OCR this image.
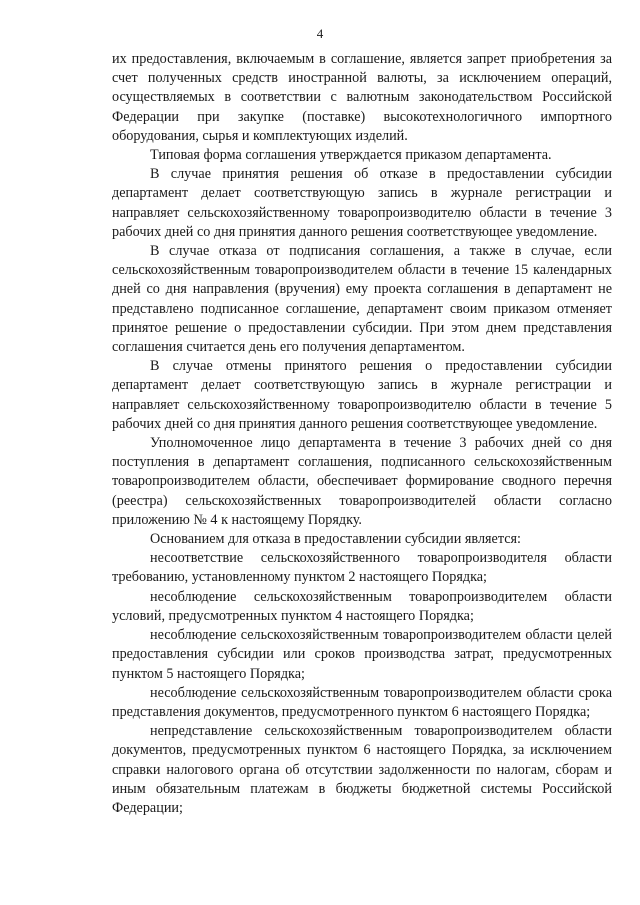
4

их предоставления, включаемым в соглашение, является запрет приобретения за счет полученных средств иностранной валюты, за исключением операций, осуществляемых в соответствии с валютным законодательством Российской Федерации при закупке (поставке) высокотехнологичного импортного оборудования, сырья и комплектующих изделий.

Типовая форма соглашения утверждается приказом департамента.

В случае принятия решения об отказе в предоставлении субсидии департамент делает соответствующую запись в журнале регистрации и направляет сельскохозяйственному товаропроизводителю области в течение 3 рабочих дней со дня принятия данного решения соответствующее уведомление.

В случае отказа от подписания соглашения, а также в случае, если сельскохозяйственным товаропроизводителем области в течение 15 календарных дней со дня направления (вручения) ему проекта соглашения в департамент не представлено подписанное соглашение, департамент своим приказом отменяет принятое решение о предоставлении субсидии. При этом днем представления соглашения считается день его получения департаментом.

В случае отмены принятого решения о предоставлении субсидии департамент делает соответствующую запись в журнале регистрации и направляет сельскохозяйственному товаропроизводителю области в течение 5 рабочих дней со дня принятия данного решения соответствующее уведомление.

Уполномоченное лицо департамента в течение 3 рабочих дней со дня поступления в департамент соглашения, подписанного сельскохозяйственным товаропроизводителем области, обеспечивает формирование сводного перечня (реестра) сельскохозяйственных товаропроизводителей области согласно приложению № 4 к настоящему Порядку.

Основанием для отказа в предоставлении субсидии является:

несоответствие сельскохозяйственного товаропроизводителя области требованию, установленному пунктом 2 настоящего Порядка;

несоблюдение сельскохозяйственным товаропроизводителем области условий, предусмотренных пунктом 4 настоящего Порядка;

несоблюдение сельскохозяйственным товаропроизводителем области целей предоставления субсидии или сроков производства затрат, предусмотренных пунктом 5 настоящего Порядка;

несоблюдение сельскохозяйственным товаропроизводителем области срока представления документов, предусмотренного пунктом 6 настоящего Порядка;

непредставление сельскохозяйственным товаропроизводителем области документов, предусмотренных пунктом 6 настоящего Порядка, за исключением справки налогового органа об отсутствии задолженности по налогам, сборам и иным обязательным платежам в бюджеты бюджетной системы Российской Федерации;
